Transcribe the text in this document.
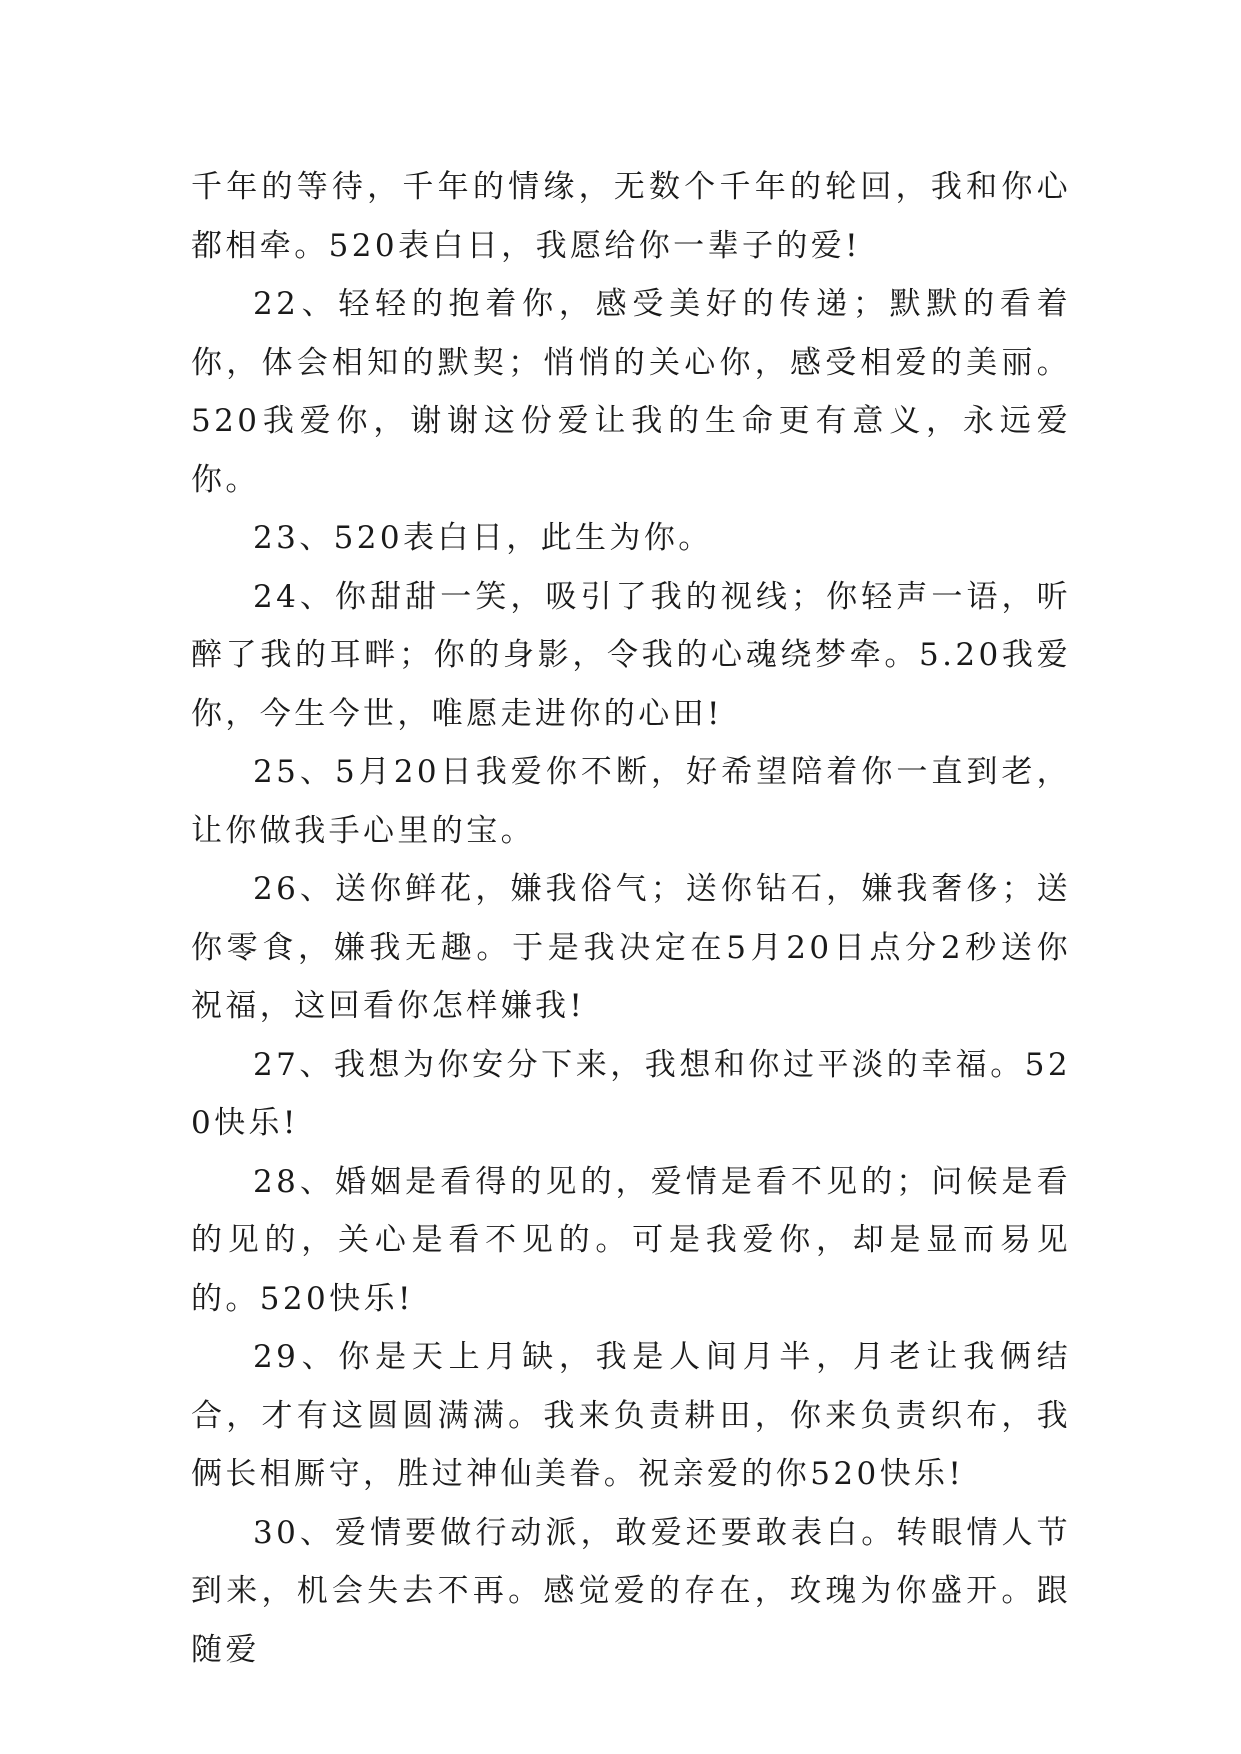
千年的等待，千年的情缘，无数个千年的轮回，我和你心都相牵。520表白日，我愿给你一辈子的爱!

22、轻轻的抱着你，感受美好的传递；默默的看着你，体会相知的默契；悄悄的关心你，感受相爱的美丽。520我爱你，谢谢这份爱让我的生命更有意义，永远爱你。

23、520表白日，此生为你。

24、你甜甜一笑，吸引了我的视线；你轻声一语，听醉了我的耳畔；你的身影，令我的心魂绕梦牵。5.20我爱你，今生今世，唯愿走进你的心田!

25、5月20日我爱你不断，好希望陪着你一直到老，让你做我手心里的宝。

26、送你鲜花，嫌我俗气；送你钻石，嫌我奢侈；送你零食，嫌我无趣。于是我决定在5月20日点分2秒送你祝福，这回看你怎样嫌我!

27、我想为你安分下来，我想和你过平淡的幸福。520快乐!

28、婚姻是看得的见的，爱情是看不见的；问候是看的见的，关心是看不见的。可是我爱你，却是显而易见的。520快乐!

29、你是天上月缺，我是人间月半，月老让我俩结合，才有这圆圆满满。我来负责耕田，你来负责织布，我俩长相厮守，胜过神仙美眷。祝亲爱的你520快乐!

30、爱情要做行动派，敢爱还要敢表白。转眼情人节到来，机会失去不再。感觉爱的存在，玫瑰为你盛开。跟随爱
